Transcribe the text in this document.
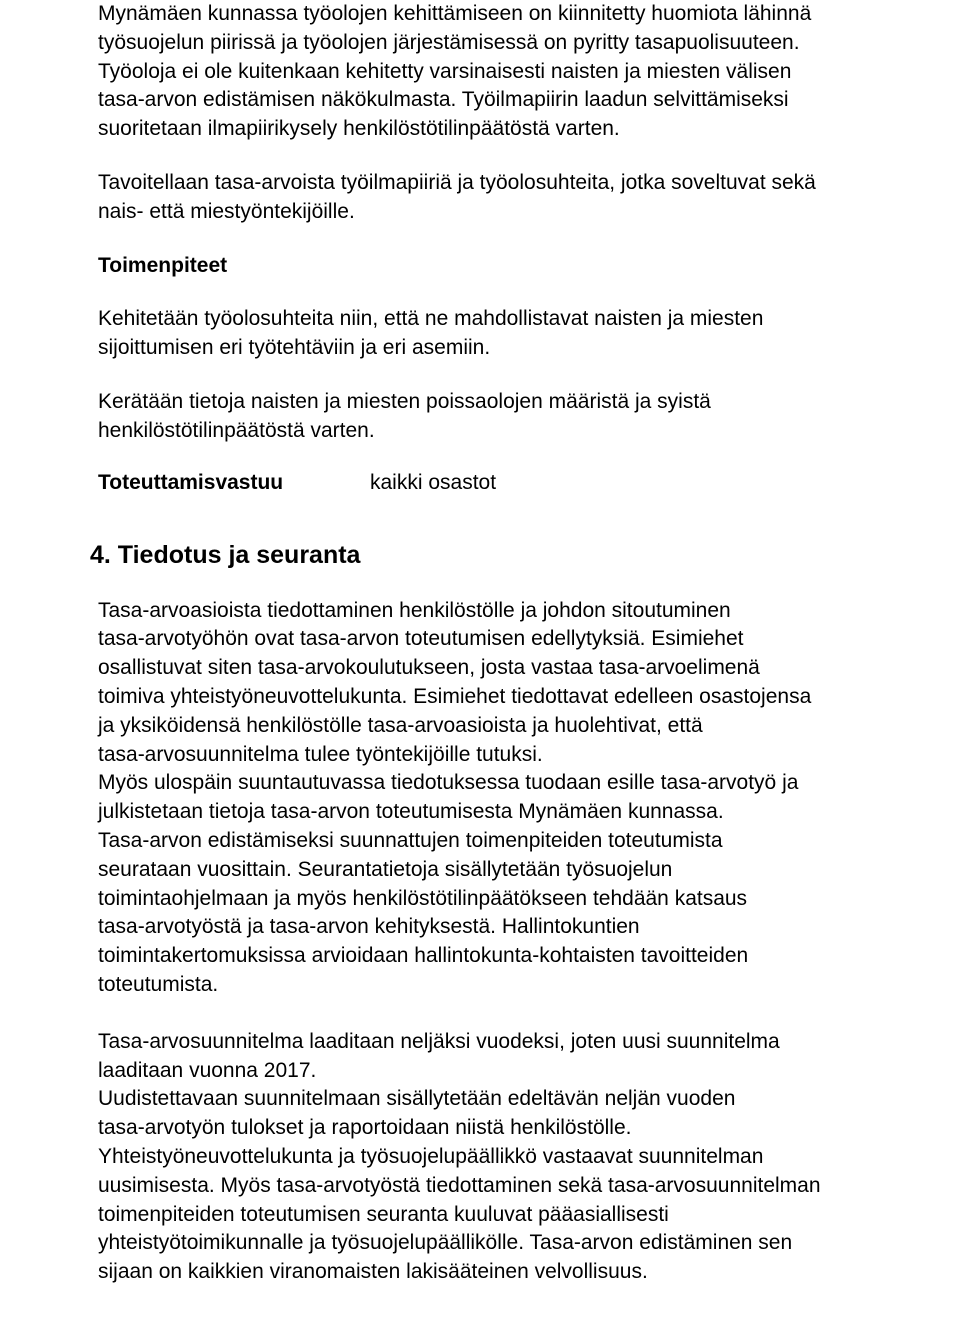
Mynämäen kunnassa työolojen kehittämiseen on kiinnitetty huomiota lähinnä

työsuojelun piirissä ja työolojen järjestämisessä on pyritty tasapuolisuuteen.

Työoloja ei ole kuitenkaan kehitetty varsinaisesti naisten ja miesten välisen

tasa-arvon edistämisen näkökulmasta. Työilmapiirin laadun selvittämiseksi

suoritetaan ilmapiirikysely henkilöstötilinpäätöstä varten.

Tavoitellaan tasa-arvoista työilmapiiriä ja työolosuhteita, jotka soveltuvat sekä

nais- että miestyöntekijöille.

Toimenpiteet

Kehitetään työolosuhteita niin, että ne mahdollistavat naisten ja miesten

sijoittumisen eri työtehtäviin ja eri asemiin.

Kerätään tietoja naisten ja miesten poissaolojen määristä ja syistä

henkilöstötilinpäätöstä varten.

Toteuttamisvastuu	kaikki osastot
4. Tiedotus ja seuranta

Tasa-arvoasioista tiedottaminen henkilöstölle ja johdon sitoutuminen

tasa-arvotyöhön ovat tasa-arvon toteutumisen edellytyksiä. Esimiehet

osallistuvat siten tasa-arvokoulutukseen, josta vastaa tasa-arvoelimenä

toimiva yhteistyöneuvottelukunta. Esimiehet tiedottavat edelleen osastojensa

ja yksiköidensä henkilöstölle tasa-arvoasioista ja huolehtivat, että

tasa-arvosuunnitelma tulee työntekijöille tutuksi.

Myös ulospäin suuntautuvassa tiedotuksessa tuodaan esille tasa-arvotyö ja

julkistetaan tietoja tasa-arvon toteutumisesta Mynämäen kunnassa.

Tasa-arvon edistämiseksi suunnattujen toimenpiteiden toteutumista

seurataan vuosittain. Seurantatietoja sisällytetään työsuojelun

toimintaohjelmaan ja myös henkilöstötilinpäätökseen tehdään katsaus

tasa-arvotyöstä ja tasa-arvon kehityksestä. Hallintokuntien

toimintakertomuksissa arvioidaan hallintokunta-kohtaisten tavoitteiden

toteutumista.

Tasa-arvosuunnitelma laaditaan neljäksi vuodeksi, joten uusi suunnitelma

laaditaan vuonna 2017.

Uudistettavaan suunnitelmaan sisällytetään edeltävän neljän vuoden

tasa-arvotyön tulokset ja raportoidaan niistä henkilöstölle.

Yhteistyöneuvottelukunta ja työsuojelupäällikkö vastaavat suunnitelman

uusimisesta. Myös tasa-arvotyöstä tiedottaminen sekä tasa-arvosuunnitelman

toimenpiteiden toteutumisen seuranta kuuluvat pääasiallisesti

yhteistyötoimikunnalle ja työsuojelupäällikölle. Tasa-arvon edistäminen sen

sijaan on kaikkien viranomaisten lakisääteinen velvollisuus.
